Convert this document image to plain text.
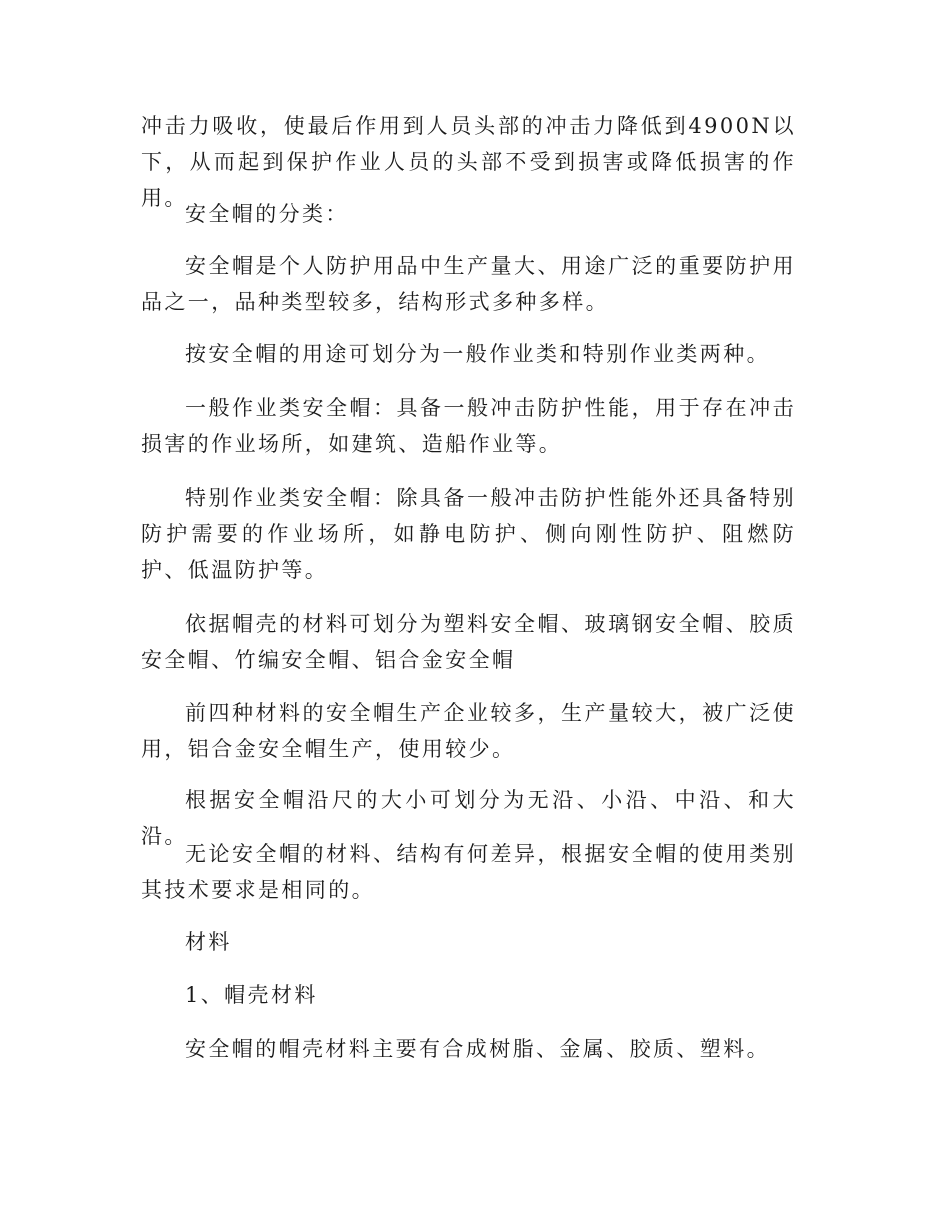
冲击力吸收，使最后作用到人员头部的冲击力降低到4900N以下，从而起到保护作业人员的头部不受到损害或降低损害的作用。

安全帽的分类：

安全帽是个人防护用品中生产量大、用途广泛的重要防护用品之一，品种类型较多，结构形式多种多样。

按安全帽的用途可划分为一般作业类和特别作业类两种。

一般作业类安全帽：具备一般冲击防护性能，用于存在冲击损害的作业场所，如建筑、造船作业等。

特别作业类安全帽：除具备一般冲击防护性能外还具备特别防护需要的作业场所，如静电防护、侧向刚性防护、阻燃防护、低温防护等。

依据帽壳的材料可划分为塑料安全帽、玻璃钢安全帽、胶质安全帽、竹编安全帽、铝合金安全帽

前四种材料的安全帽生产企业较多，生产量较大，被广泛使用，铝合金安全帽生产，使用较少。

根据安全帽沿尺的大小可划分为无沿、小沿、中沿、和大沿。

无论安全帽的材料、结构有何差异，根据安全帽的使用类别其技术要求是相同的。

材料

1、帽壳材料

安全帽的帽壳材料主要有合成树脂、金属、胶质、塑料。
